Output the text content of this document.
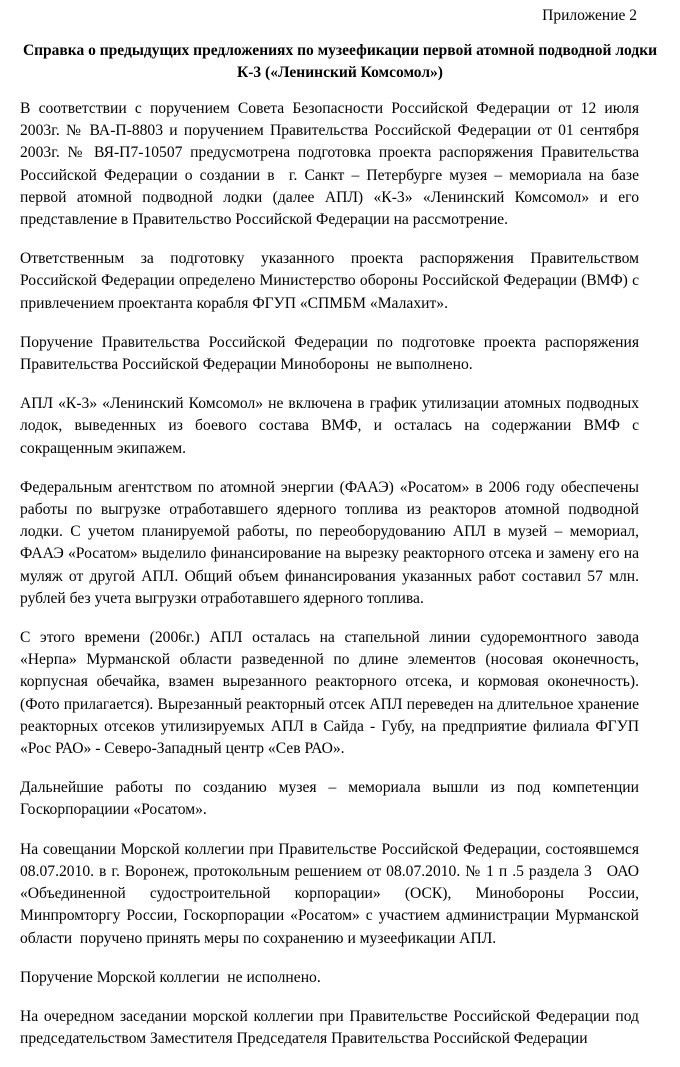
Приложение 2
Справка о предыдущих предложениях по музеефикации первой атомной подводной лодки К-3 («Ленинский Комсомол»)

В соответствии с поручением Совета Безопасности Российской Федерации от 12 июля 2003г. № ВА-П-8803 и поручением Правительства Российской Федерации от 01 сентября 2003г. № ВЯ-П7-10507 предусмотрена подготовка проекта распоряжения Правительства Российской Федерации о создании в  г. Санкт – Петербурге музея – мемориала на базе первой атомной подводной лодки (далее АПЛ) «К-3» «Ленинский Комсомол» и его представление в Правительство Российской Федерации на рассмотрение.

Ответственным за подготовку указанного проекта распоряжения Правительством Российской Федерации определено Министерство обороны Российской Федерации (ВМФ) с привлечением проектанта корабля ФГУП «СПМБМ «Малахит».

Поручение Правительства Российской Федерации по подготовке проекта распоряжения Правительства Российской Федерации Минобороны  не выполнено.

АПЛ «К-3» «Ленинский Комсомол» не включена в график утилизации атомных подводных лодок, выведенных из боевого состава ВМФ, и осталась на содержании ВМФ с сокращенным экипажем.

Федеральным агентством по атомной энергии (ФААЭ) «Росатом» в 2006 году обеспечены работы по выгрузке отработавшего ядерного топлива из реакторов атомной подводной лодки. С учетом планируемой работы, по переоборудованию АПЛ в музей – мемориал, ФААЭ «Росатом» выделило финансирование на вырезку реакторного отсека и замену его на муляж от другой АПЛ. Общий объем финансирования указанных работ составил 57 млн. рублей без учета выгрузки отработавшего ядерного топлива.

С этого времени (2006г.) АПЛ осталась на стапельной линии судоремонтного завода «Нерпа» Мурманской области разведенной по длине элементов (носовая оконечность, корпусная обечайка, взамен вырезанного реакторного отсека, и кормовая оконечность). (Фото прилагается). Вырезанный реакторный отсек АПЛ переведен на длительное хранение реакторных отсеков утилизируемых АПЛ в Сайда - Губу, на предприятие филиала ФГУП «Рос РАО» - Северо-Западный центр «Сев РАО».

Дальнейшие работы по созданию музея – мемориала вышли из под компетенции Госкорпорациии «Росатом».

На совещании Морской коллегии при Правительстве Российской Федерации, состоявшемся 08.07.2010. в г. Воронеж, протокольным решением от 08.07.2010. № 1 п .5 раздела 3   ОАО «Объединенной судостроительной корпорации» (ОСК), Минобороны России, Минпромторгу России, Госкорпорации «Росатом» с участием администрации Мурманской области  поручено принять меры по сохранению и музеефикации АПЛ.

Поручение Морской коллегии  не исполнено.

На очередном заседании морской коллегии при Правительстве Российской Федерации под председательством Заместителя Председателя Правительства Российской Федерации
